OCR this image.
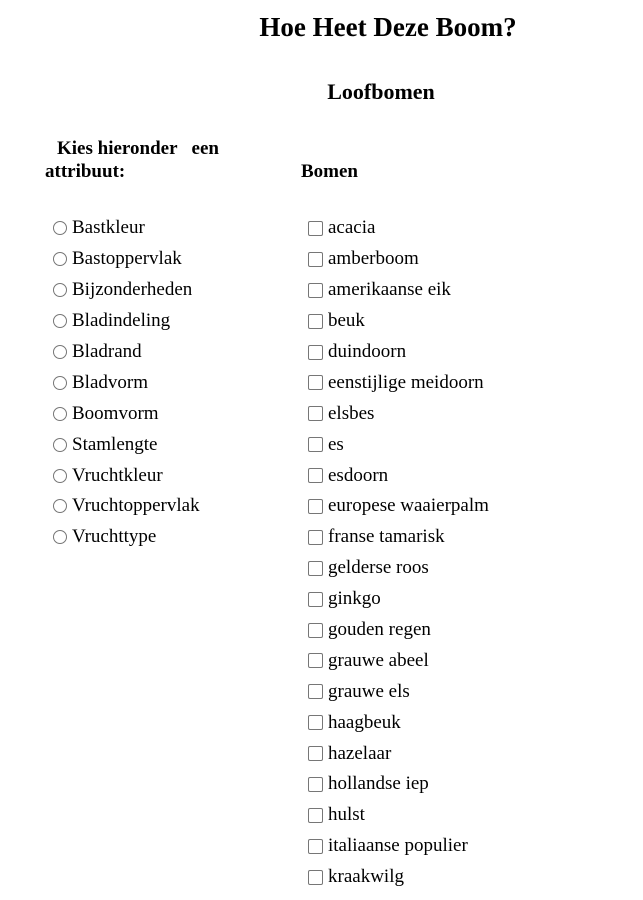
Hoe Heet Deze Boom?
Loofbomen
Kies hieronder een
attribuut:	Bomen
Bastkleur
Bastoppervlak
Bijzonderheden
Bladindeling
Bladrand
Bladvorm
Boomvorm
Stamlengte
Vruchtkleur
Vruchtoppervlak
Vruchttype
acacia
amberboom
amerikaanse eik
beuk
duindoorn
eenstijlige meidoorn
elsbes
es
esdoorn
europese waaierpalm
franse tamarisk
gelderse roos
ginkgo
gouden regen
grauwe abeel
grauwe els
haagbeuk
hazelaar
hollandse iep
hulst
italiaanse populier
kraakwilg
